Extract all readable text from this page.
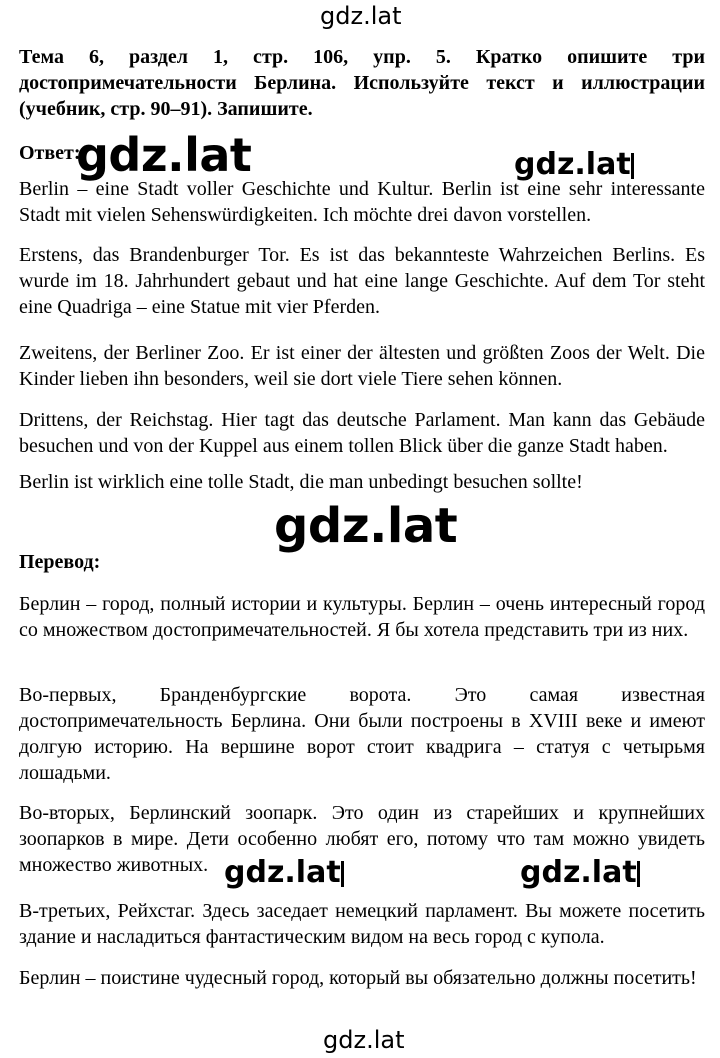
gdz.lat
Тема 6, раздел 1, стр. 106, упр. 5. Кратко опишите три достопримечательности Берлина. Используйте текст и иллюстрации (учебник, стр. 90–91). Запишите.
Ответ:
gdz.lat	gdz.lat
Berlin – eine Stadt voller Geschichte und Kultur. Berlin ist eine sehr interessante Stadt mit vielen Sehenswürdigkeiten. Ich möchte drei davon vorstellen.
Erstens, das Brandenburger Tor. Es ist das bekannteste Wahrzeichen Berlins. Es wurde im 18. Jahrhundert gebaut und hat eine lange Geschichte. Auf dem Tor steht eine Quadriga – eine Statue mit vier Pferden.
Zweitens, der Berliner Zoo. Er ist einer der ältesten und größten Zoos der Welt. Die Kinder lieben ihn besonders, weil sie dort viele Tiere sehen können.
Drittens, der Reichstag. Hier tagt das deutsche Parlament. Man kann das Gebäude besuchen und von der Kuppel aus einem tollen Blick über die ganze Stadt haben.
Berlin ist wirklich eine tolle Stadt, die man unbedingt besuchen sollte!
gdz.lat
Перевод:
Берлин – город, полный истории и культуры. Берлин – очень интересный город со множеством достопримечательностей. Я бы хотела представить три из них.
Во-первых, Бранденбургские ворота. Это самая известная достопримечательность Берлина. Они были построены в XVIII веке и имеют долгую историю. На вершине ворот стоит квадрига – статуя с четырьмя лошадьми.
Во-вторых, Берлинский зоопарк. Это один из старейших и крупнейших зоопарков в мире. Дети особенно любят его, потому что там можно увидеть множество животных.
В-третьих, Рейхстаг. Здесь заседает немецкий парламент. Вы можете посетить здание и насладиться фантастическим видом на весь город с купола.
Берлин – поистине чудесный город, который вы обязательно должны посетить!
gdz.lat	gdz.lat
gdz.lat
